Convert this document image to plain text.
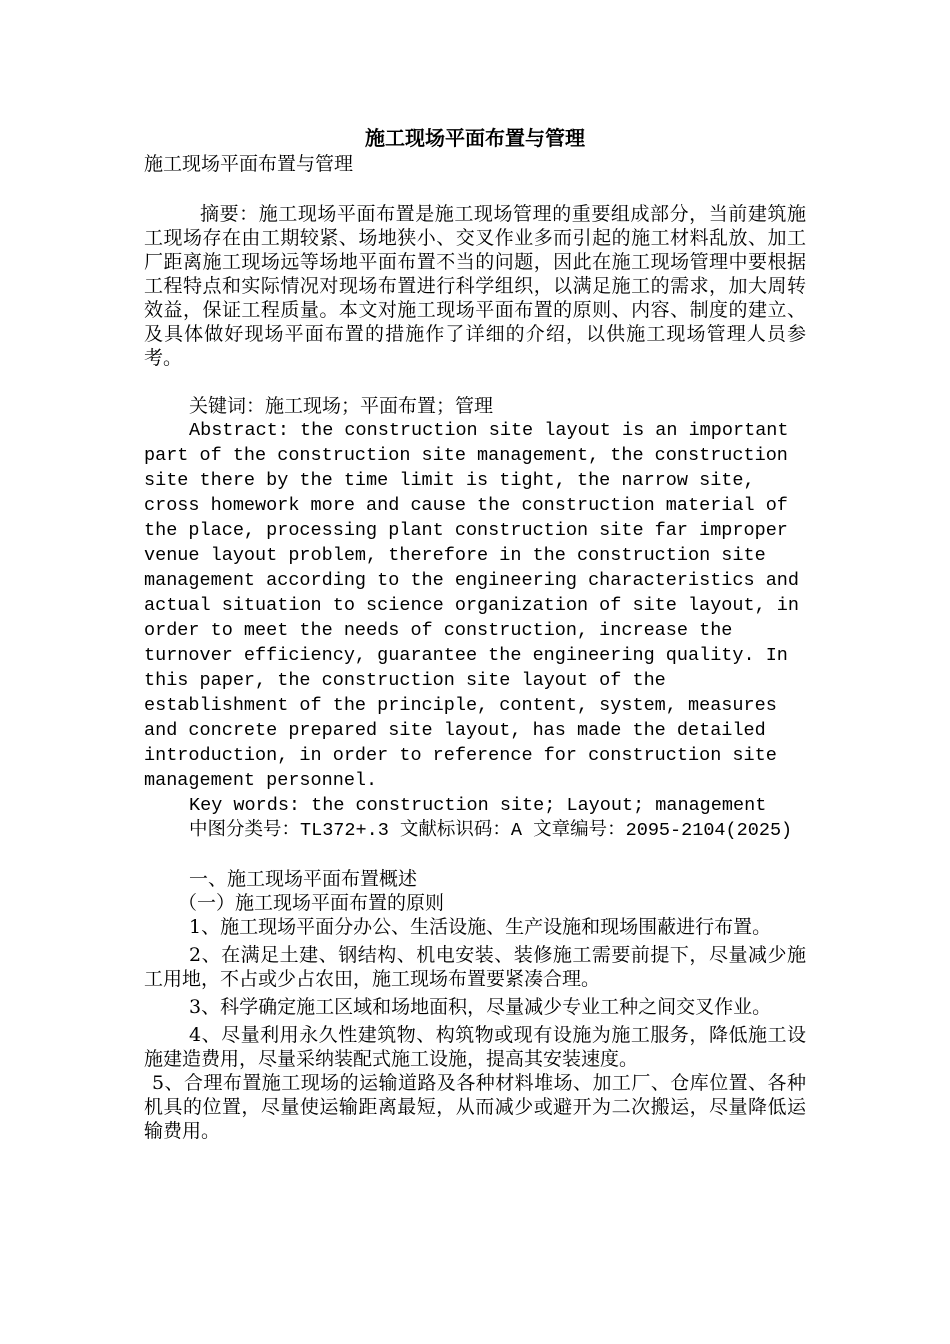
施工现场平面布置与管理

施工现场平面布置与管理

摘要：施工现场平面布置是施工现场管理的重要组成部分，当前建筑施工现场存在由工期较紧、场地狭小、交叉作业多而引起的施工材料乱放、加工厂距离施工现场远等场地平面布置不当的问题，因此在施工现场管理中要根据工程特点和实际情况对现场布置进行科学组织，以满足施工的需求，加大周转效益，保证工程质量。本文对施工现场平面布置的原则、内容、制度的建立、及具体做好现场平面布置的措施作了详细的介绍，以供施工现场管理人员参考。

关键词：施工现场；平面布置；管理

Abstract: the construction site layout is an important part of the construction site management, the construction site there by the time limit is tight, the narrow site, cross homework more and cause the construction material of the place, processing plant construction site far improper venue layout problem, therefore in the construction site management according to the engineering characteristics and actual situation to science organization of site layout, in order to meet the needs of construction, increase the turnover efficiency, guarantee the engineering quality. In this paper, the construction site layout of the establishment of the principle, content, system, measures and concrete prepared site layout, has made the detailed introduction, in order to reference for construction site management personnel.

Key words: the construction site; Layout; management

中图分类号：TL372+.3 文献标识码：A 文章编号：2095-2104(2025)

一、施工现场平面布置概述

（一）施工现场平面布置的原则

1、施工现场平面分办公、生活设施、生产设施和现场围蔽进行布置。

2、在满足土建、钢结构、机电安装、装修施工需要前提下，尽量减少施工用地，不占或少占农田，施工现场布置要紧凑合理。

3、科学确定施工区域和场地面积，尽量减少专业工种之间交叉作业。

4、尽量利用永久性建筑物、构筑物或现有设施为施工服务，降低施工设施建造费用，尽量采纳装配式施工设施，提高其安装速度。

5、合理布置施工现场的运输道路及各种材料堆场、加工厂、仓库位置、各种机具的位置，尽量使运输距离最短，从而减少或避开为二次搬运，尽量降低运输费用。
